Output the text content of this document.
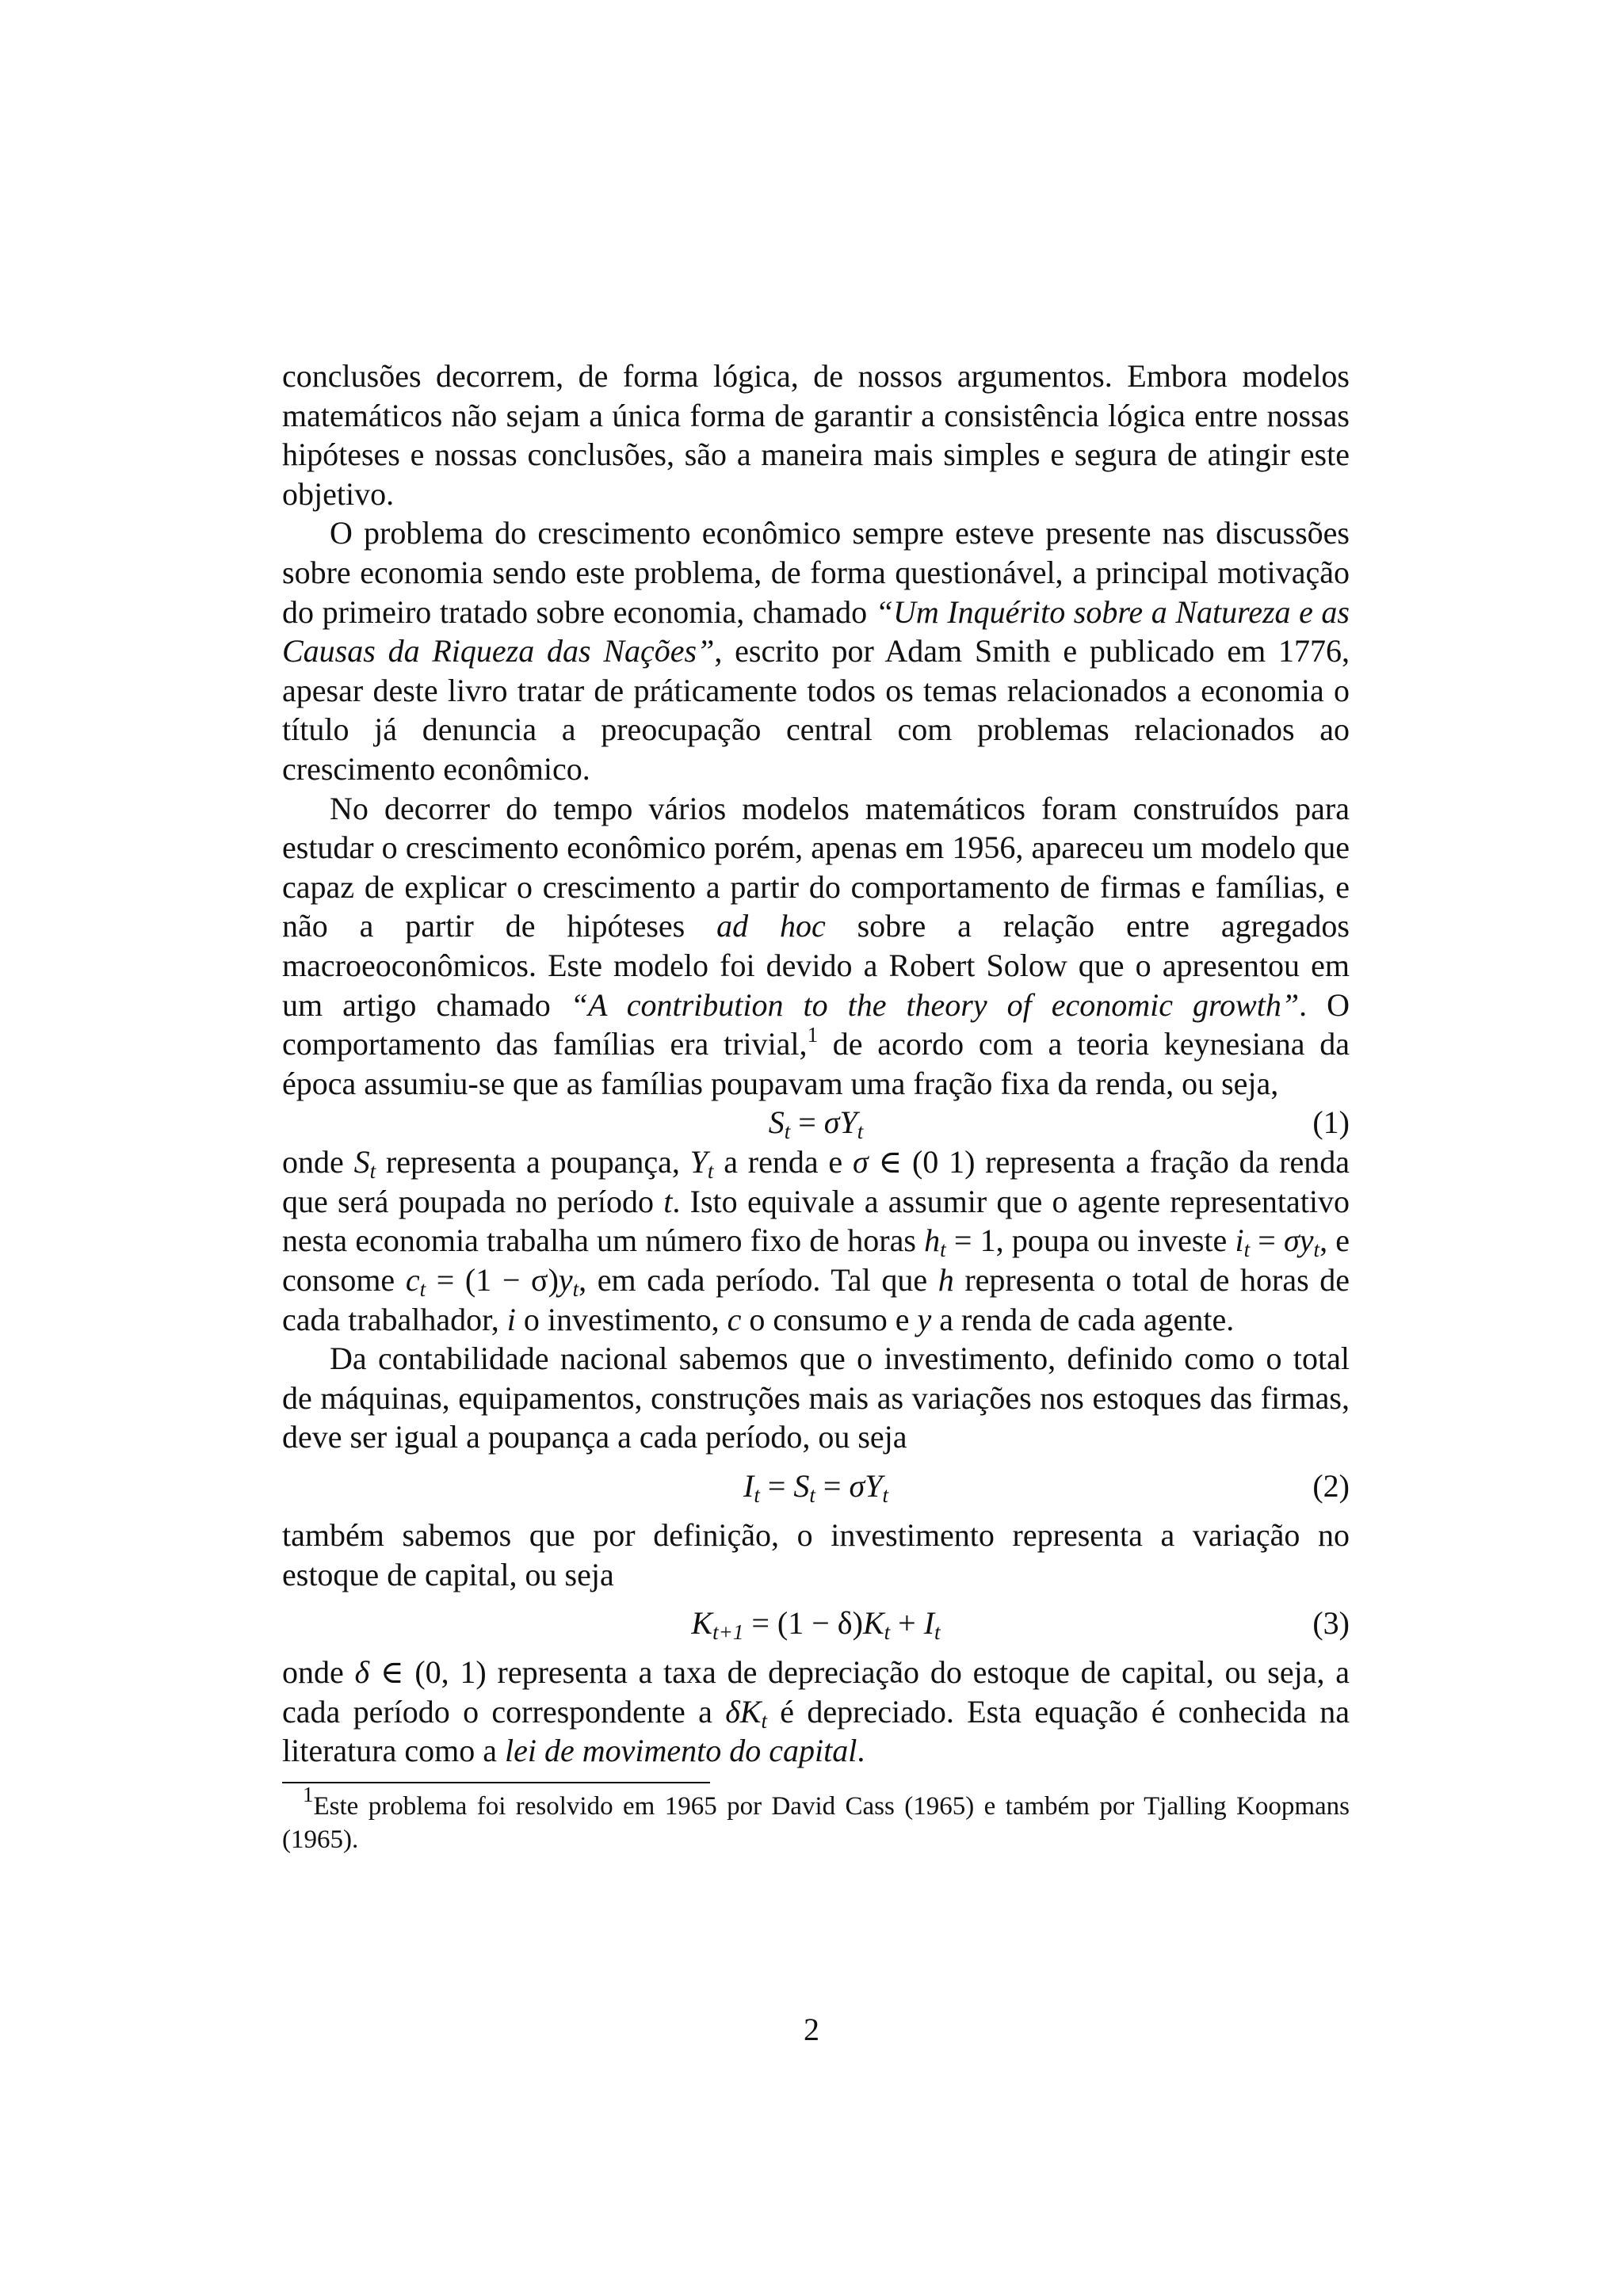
conclusões decorrem, de forma lógica, de nossos argumentos. Embora modelos matemáticos não sejam a única forma de garantir a consistência lógica entre nossas hipóteses e nossas conclusões, são a maneira mais simples e segura de atingir este objetivo.

O problema do crescimento econômico sempre esteve presente nas discussões sobre economia sendo este problema, de forma questionável, a principal motivação do primeiro tratado sobre economia, chamado “Um Inquérito sobre a Natureza e as Causas da Riqueza das Nações”, escrito por Adam Smith e publicado em 1776, apesar deste livro tratar de práticamente todos os temas relacionados a economia o título já denuncia a preocupação central com problemas relacionados ao crescimento econômico.

No decorrer do tempo vários modelos matemáticos foram construídos para estudar o crescimento econômico porém, apenas em 1956, apareceu um modelo que capaz de explicar o crescimento a partir do comportamento de firmas e famílias, e não a partir de hipóteses ad hoc sobre a relação entre agregados macroeoconômicos. Este modelo foi devido a Robert Solow que o apresentou em um artigo chamado “A contribution to the theory of economic growth”. O comportamento das famílias era trivial,$^1$ de acordo com a teoria keynesiana da época assumiu-se que as famílias poupavam uma fração fixa da renda, ou seja,

$S_t = \sigma Y_t$	(1)

onde $S_t$ representa a poupança, $Y_t$ a renda e σ ∈ (0 1) representa a fração da renda que será poupada no período t. Isto equivale a assumir que o agente representativo nesta economia trabalha um número fixo de horas $h_t = 1$, poupa ou investe $i_t = \sigma y_t$, e consome $c_t = (1 - \sigma)y_t$, em cada período. Tal que h representa o total de horas de cada trabalhador, i o investimento, c o consumo e y a renda de cada agente.

Da contabilidade nacional sabemos que o investimento, definido como o total de máquinas, equipamentos, construções mais as variações nos estoques das firmas, deve ser igual a poupança a cada período, ou seja

$I_t = S_t = \sigma Y_t$	(2)

também sabemos que por definição, o investimento representa a variação no estoque de capital, ou seja

$K_{t+1} = (1 - \delta)K_t + I_t$	(3)

onde δ ∈ (0, 1) representa a taxa de depreciação do estoque de capital, ou seja, a cada período o correspondente a $\delta K_t$ é depreciado. Esta equação é conhecida na literatura como a lei de movimento do capital.

$^1$Este problema foi resolvido em 1965 por David Cass (1965) e também por Tjalling Koopmans (1965).

2
